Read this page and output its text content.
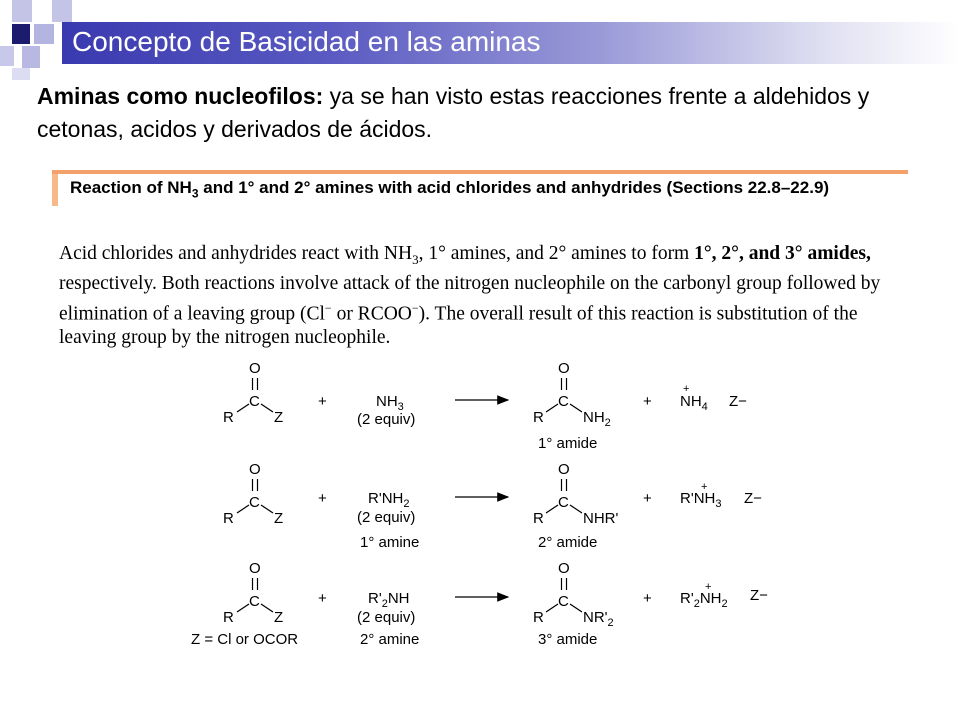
Concepto de Basicidad en las aminas
Aminas como nucleofilos: ya se han visto estas reacciones frente a aldehidos y cetonas, acidos y derivados de ácidos.
Reaction of $NH_3$ and 1° and 2° amines with acid chlorides and anhydrides (Sections 22.8–22.9)
Acid chlorides and anhydrides react with $NH_3$, 1° amines, and 2° amines to form 1°, 2°, and 3° amides, respectively. Both reactions involve attack of the nitrogen nucleophile on the carbonyl group followed by elimination of a leaving group (Cl− or RCOO−). The overall result of this reaction is substitution of the leaving group by the nitrogen nucleophile.
O
C
R	Z
+	$NH_3$
(2 equiv)
O
C
R	$NH_2$
1° amide
+
+
$NH_4$ Z−
O
C
R	Z
+	$R'NH_2$
(2 equiv)
1° amine
O
C
R	NHR'
2° amide
+
+
$R'NH_3$ Z−
O
C
R	Z
Z = Cl or OCOR
+	$R'_2NH$
(2 equiv)
2° amine
O
C
R	$NR'_2$
3° amide
+
+
$R'_2NH_2$ Z−
